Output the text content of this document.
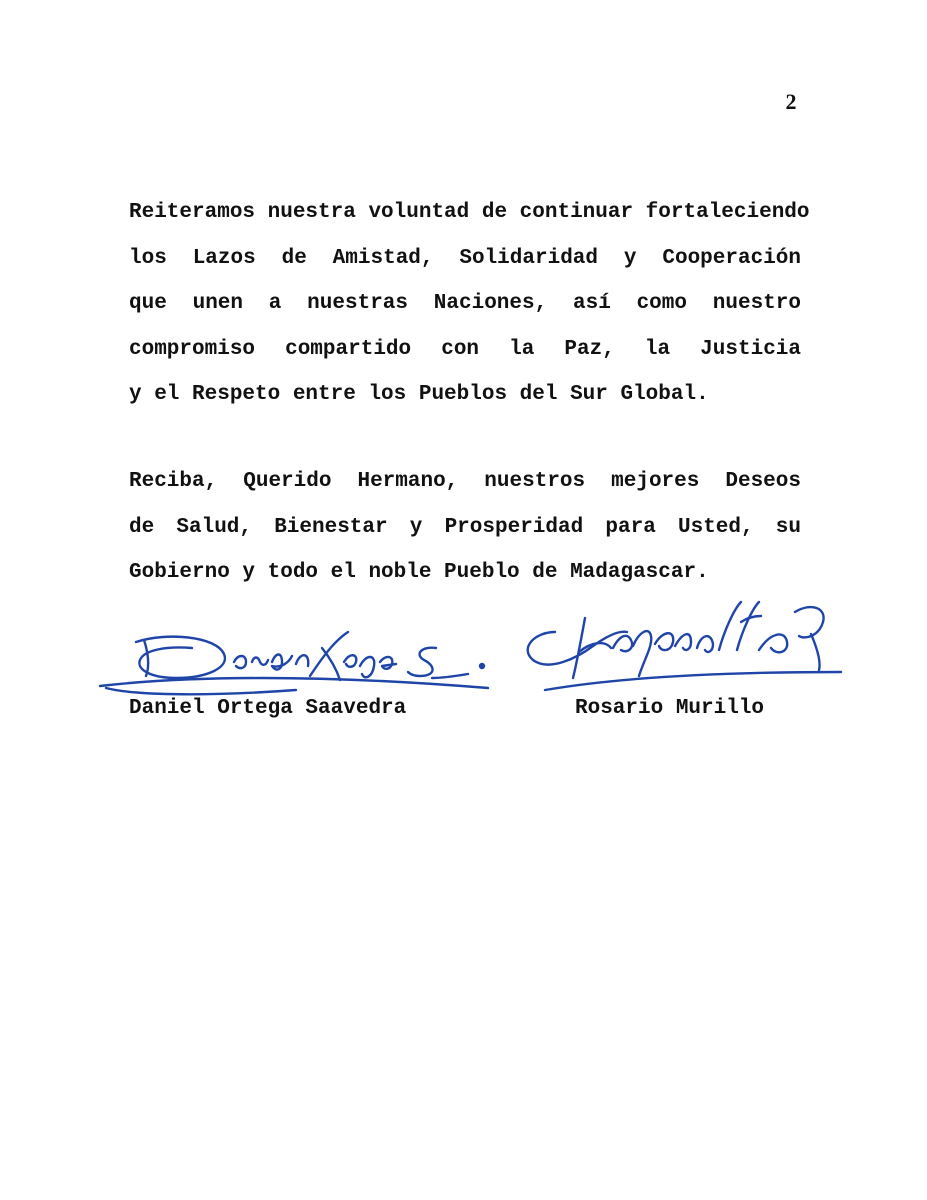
2
Reiteramos nuestra voluntad de continuar fortaleciendo
los Lazos de Amistad, Solidaridad y Cooperación
que unen a nuestras Naciones, así como nuestro
compromiso compartido con la Paz, la Justicia
y el Respeto entre los Pueblos del Sur Global.
Reciba, Querido Hermano, nuestros mejores Deseos
de Salud, Bienestar y Prosperidad para Usted, su
Gobierno y todo el noble Pueblo de Madagascar.
Daniel Ortega Saavedra	Rosario Murillo
